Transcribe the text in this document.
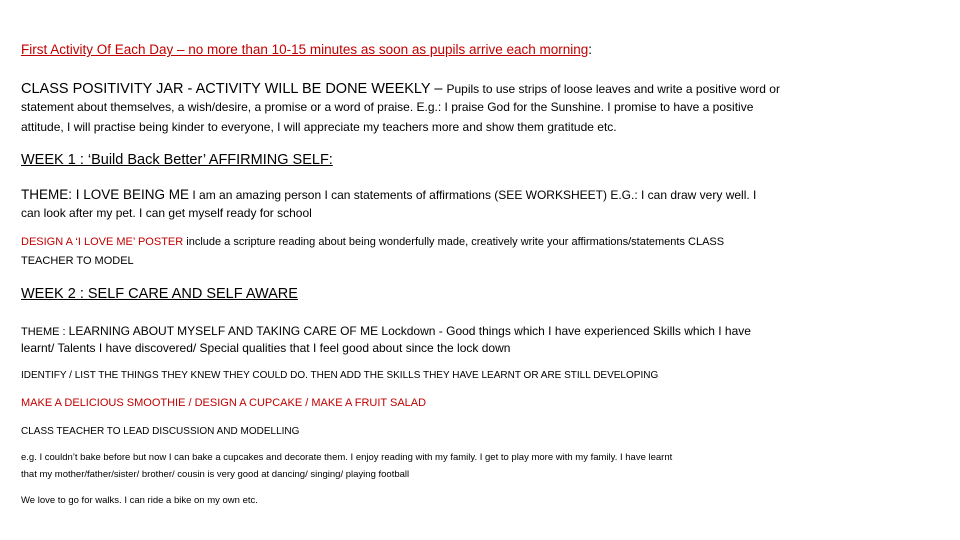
First Activity Of Each Day – no more than 10-15 minutes as soon as pupils arrive each morning:
CLASS POSITIVITY JAR - ACTIVITY WILL BE DONE WEEKLY – Pupils to use strips of loose leaves and write a positive word or
statement about themselves, a wish/desire, a promise or a word of praise. E.g.: I praise God for the Sunshine. I promise to have a positive
attitude, I will practise being kinder to everyone, I will appreciate my teachers more and show them gratitude etc.
WEEK 1 : ‘Build Back Better’ AFFIRMING SELF:
THEME: I LOVE BEING ME I am an amazing person I can statements of affirmations (SEE WORKSHEET) E.G.: I can draw very well. I
can look after my pet. I can get myself ready for school
DESIGN A ‘I LOVE ME’ POSTER include a scripture reading about being wonderfully made, creatively write your affirmations/statements CLASS
TEACHER TO MODEL
WEEK 2 : SELF CARE AND SELF AWARE
THEME : LEARNING ABOUT MYSELF AND TAKING CARE OF ME Lockdown - Good things which I have experienced Skills which I have
learnt/ Talents I have discovered/ Special qualities that I feel good about since the lock down
IDENTIFY / LIST THE THINGS THEY KNEW THEY COULD DO. THEN ADD THE SKILLS THEY HAVE LEARNT OR ARE STILL DEVELOPING
MAKE A DELICIOUS SMOOTHIE / DESIGN A CUPCAKE / MAKE A FRUIT SALAD
CLASS TEACHER TO LEAD DISCUSSION AND MODELLING
e.g. I couldn’t bake before but now I can bake a cupcakes and decorate them. I enjoy reading with my family. I get to play more with my family. I have learnt
that my mother/father/sister/ brother/ cousin is very good at dancing/ singing/ playing football
We love to go for walks. I can ride a bike on my own etc.
